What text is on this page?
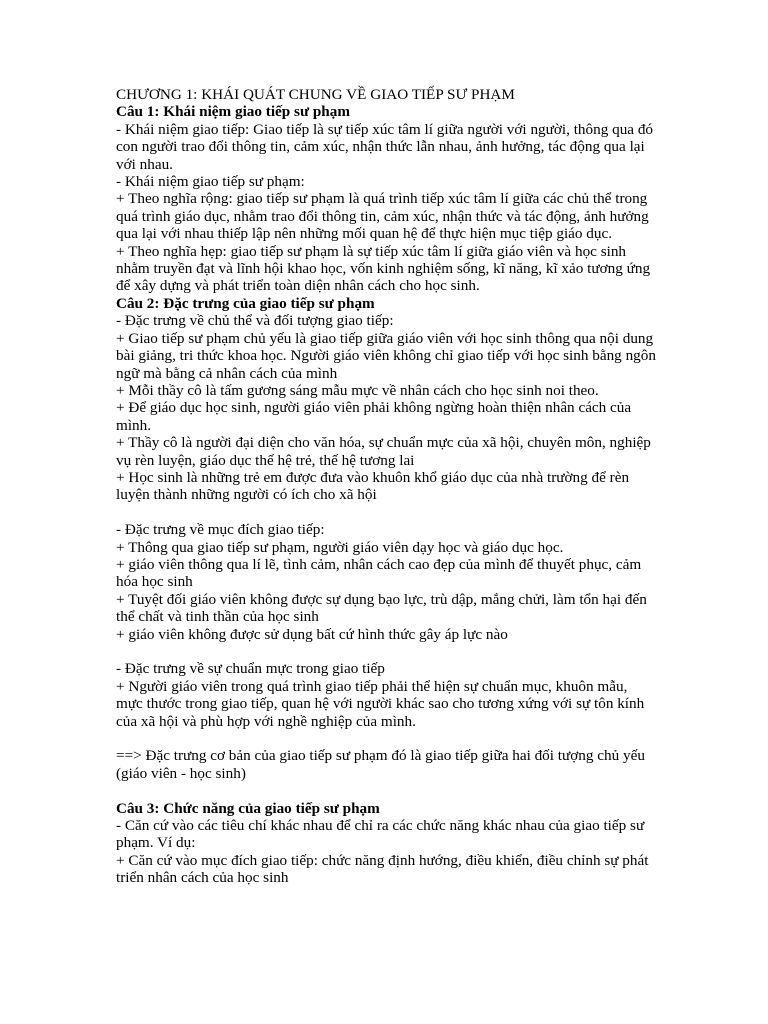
CHƯƠNG 1: KHÁI QUÁT CHUNG VỀ GIAO TIẾP SƯ PHẠM

Câu 1: Khái niệm giao tiếp sư phạm

- Khái niệm giao tiếp: Giao tiếp là sự tiếp xúc tâm lí giữa người với người, thông qua đó con người trao đổi thông tin, cảm xúc, nhận thức lẫn nhau, ảnh hưởng, tác động qua lại với nhau.

- Khái niệm giao tiếp sư phạm:

+ Theo nghĩa rộng: giao tiếp sư phạm là quá trình tiếp xúc tâm lí giữa các chủ thể trong quá trình giáo dục, nhằm trao đổi thông tin, cảm xúc, nhận thức và tác động, ảnh hưởng qua lại với nhau thiếp lập nên những mối quan hệ để thực hiện mục tiệp giáo dục.

+ Theo nghĩa hẹp: giao tiếp sư phạm là sự tiếp xúc tâm lí giữa giáo viên và học sinh nhằm truyền đạt và lĩnh hội khao học, vốn kinh nghiệm sống, kĩ năng, kĩ xảo tương ứng để xây dựng và phát triển toàn diện nhân cách cho học sinh.

Câu 2: Đặc trưng của giao tiếp sư phạm

- Đặc trưng về chủ thể và đối tượng giao tiếp:

+ Giao tiếp sư phạm chủ yếu là giao tiếp giữa giáo viên với học sinh thông qua nội dung bài giảng, tri thức khoa học. Người giáo viên không chỉ giao tiếp với học sinh bằng ngôn ngữ mà bằng cả nhân cách của mình

+ Mỗi thầy cô là tấm gương sáng mẫu mực về nhân cách cho học sinh noi theo.

+ Để giáo dục học sinh, người giáo viên phải không ngừng hoàn thiện nhân cách của mình.

+ Thầy cô là người đại diện cho văn hóa, sự chuẩn mực của xã hội, chuyên môn, nghiệp vụ rèn luyện, giáo dục thế hệ trẻ, thế hệ tương lai

+ Học sinh là những trẻ em được đưa vào khuôn khổ giáo dục của nhà trường để rèn luyện thành những người có ích cho xã hội

- Đặc trưng về mục đích giao tiếp:

+ Thông qua giao tiếp sư phạm, người giáo viên dạy học và giáo dục học.

+ giáo viên thông qua lí lẽ, tình cảm, nhân cách cao đẹp của mình để thuyết phục, cảm hóa học sinh

+ Tuyệt đối giáo viên không được sự dụng bạo lực, trù dập, mắng chửi, làm tổn hại đến thể chất và tinh thần của học sinh

+ giáo viên không được sử dụng bất cứ hình thức gây áp lực nào

- Đặc trưng về sự chuẩn mực trong giao tiếp

+ Người giáo viên trong quá trình giao tiếp phải thể hiện sự chuẩn mục, khuôn mẫu, mực thước trong giao tiếp, quan hệ với người khác sao cho tương xứng với sự tôn kính của xã hội và phù hợp với nghề nghiệp của mình.

==> Đặc trưng cơ bản của giao tiếp sư phạm đó là giao tiếp giữa hai đối tượng chủ yếu (giáo viên - học sinh)

Câu 3: Chức năng của giao tiếp sư phạm

- Căn cứ vào các tiêu chí khác nhau để chỉ ra các chức năng khác nhau của giao tiếp sư phạm. Ví dụ:

+ Căn cứ vào mục đích giao tiếp: chức năng định hướng, điều khiển, điều chỉnh sự phát triển nhân cách của học sinh
